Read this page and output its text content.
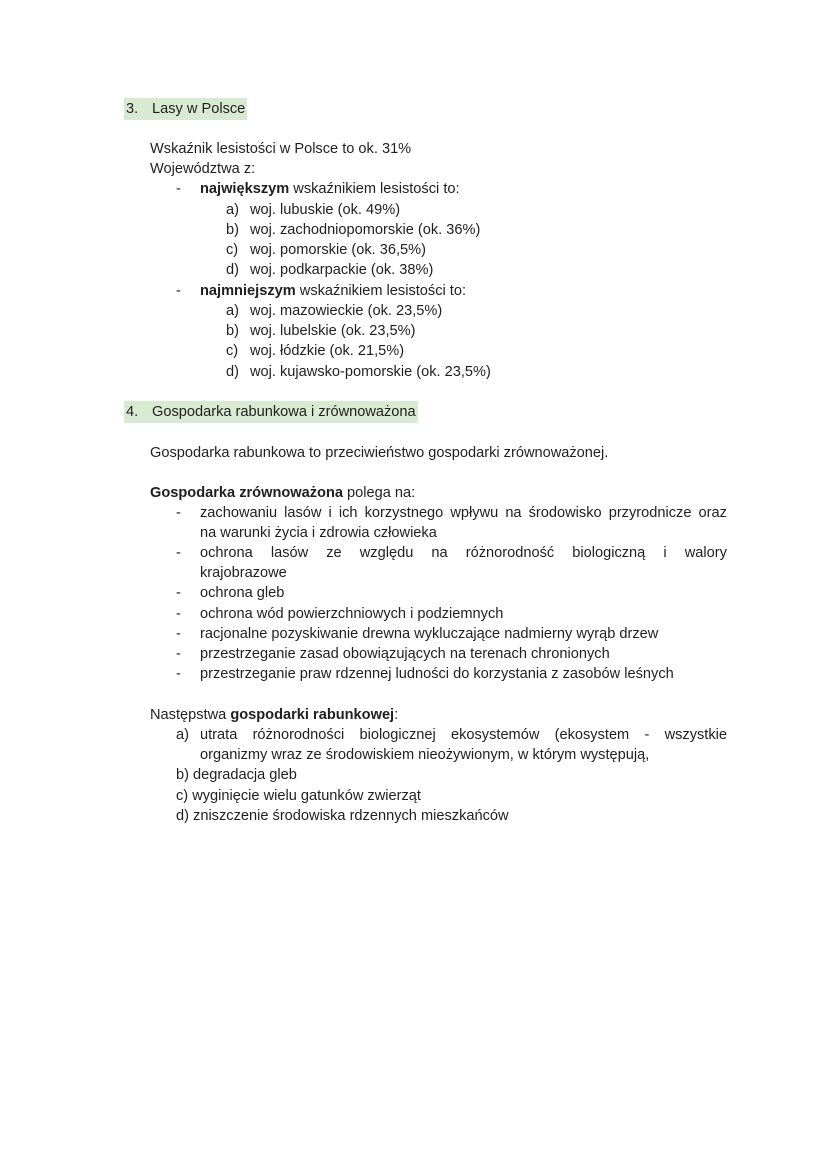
3. Lasy w Polsce
Wskaźnik lesistości w Polsce to ok. 31%
Województwa z:
- największym wskaźnikiem lesistości to:
a) woj. lubuskie (ok. 49%)
b) woj. zachodniopomorskie (ok. 36%)
c) woj. pomorskie (ok. 36,5%)
d) woj. podkarpackie (ok. 38%)
- najmniejszym wskaźnikiem lesistości to:
a) woj. mazowieckie (ok. 23,5%)
b) woj. lubelskie (ok. 23,5%)
c) woj. łódzkie (ok. 21,5%)
d) woj. kujawsko-pomorskie (ok. 23,5%)
4. Gospodarka rabunkowa i zrównoważona
Gospodarka rabunkowa to przeciwieństwo gospodarki zrównoważonej.
Gospodarka zrównoważona polega na:
- zachowaniu lasów i ich korzystnego wpływu na środowisko przyrodnicze oraz
na warunki życia i zdrowia człowieka
- ochrona lasów ze względu na różnorodność biologiczną i walory
krajobrazowe
- ochrona gleb
- ochrona wód powierzchniowych i podziemnych
- racjonalne pozyskiwanie drewna wykluczające nadmierny wyrąb drzew
- przestrzeganie zasad obowiązujących na terenach chronionych
- przestrzeganie praw rdzennej ludności do korzystania z zasobów leśnych
Następstwa gospodarki rabunkowej:
a) utrata różnorodności biologicznej ekosystemów (ekosystem - wszystkie
organizmy wraz ze środowiskiem nieożywionym, w którym występują,
b) degradacja gleb
c) wyginięcie wielu gatunków zwierząt
d) zniszczenie środowiska rdzennych mieszkańców
